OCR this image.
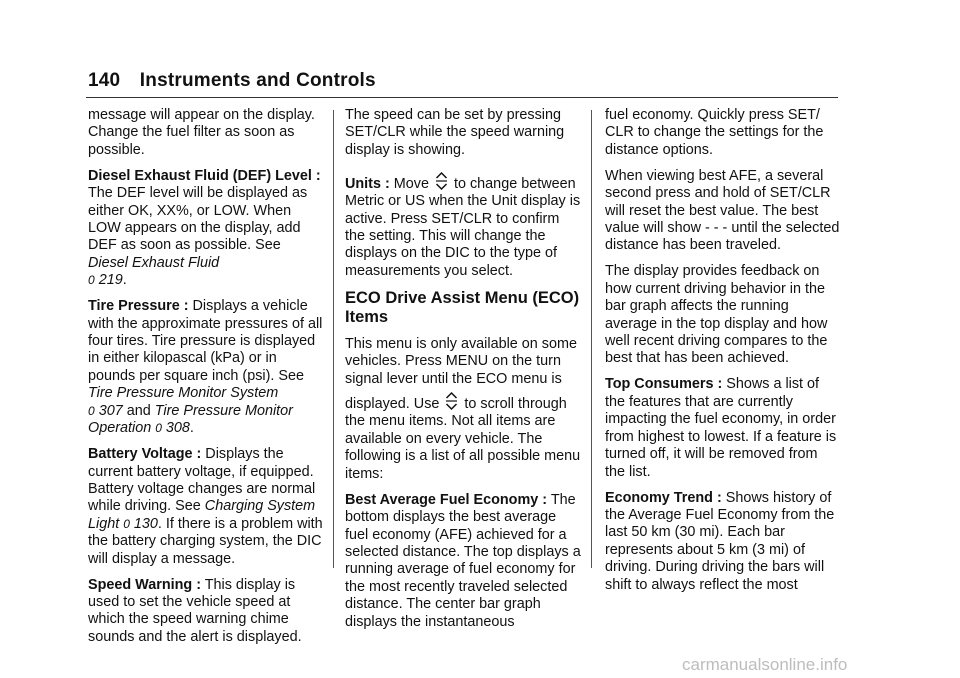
140 Instruments and Controls

message will appear on the display. Change the fuel filter as soon as possible.

Diesel Exhaust Fluid (DEF) Level : The DEF level will be displayed as either OK, XX%, or LOW. When LOW appears on the display, add DEF as soon as possible. See Diesel Exhaust Fluid
0 219.

Tire Pressure : Displays a vehicle with the approximate pressures of all four tires. Tire pressure is displayed in either kilopascal (kPa) or in pounds per square inch (psi). See Tire Pressure Monitor System
0 307 and Tire Pressure Monitor Operation 0 308.

Battery Voltage : Displays the current battery voltage, if equipped. Battery voltage changes are normal while driving. See Charging System Light 0 130. If there is a problem with the battery charging system, the DIC will display a message.

Speed Warning : This display is used to set the vehicle speed at which the speed warning chime sounds and the alert is displayed.

The speed can be set by pressing SET/CLR while the speed warning display is showing.

Units : Move to change between Metric or US when the Unit display is active. Press SET/CLR to confirm the setting. This will change the displays on the DIC to the type of measurements you select.

ECO Drive Assist Menu (ECO) Items

This menu is only available on some vehicles. Press MENU on the turn signal lever until the ECO menu is displayed. Use to scroll through the menu items. Not all items are available on every vehicle. The following is a list of all possible menu items:

Best Average Fuel Economy : The bottom displays the best average fuel economy (AFE) achieved for a selected distance. The top displays a running average of fuel economy for the most recently traveled selected distance. The center bar graph displays the instantaneous

fuel economy. Quickly press SET/ CLR to change the settings for the distance options.

When viewing best AFE, a several second press and hold of SET/CLR will reset the best value. The best value will show - - - until the selected distance has been traveled.

The display provides feedback on how current driving behavior in the bar graph affects the running average in the top display and how well recent driving compares to the best that has been achieved.

Top Consumers : Shows a list of the features that are currently impacting the fuel economy, in order from highest to lowest. If a feature is turned off, it will be removed from the list.

Economy Trend : Shows history of the Average Fuel Economy from the last 50 km (30 mi). Each bar represents about 5 km (3 mi) of driving. During driving the bars will shift to always reflect the most

carmanualsonline.info
